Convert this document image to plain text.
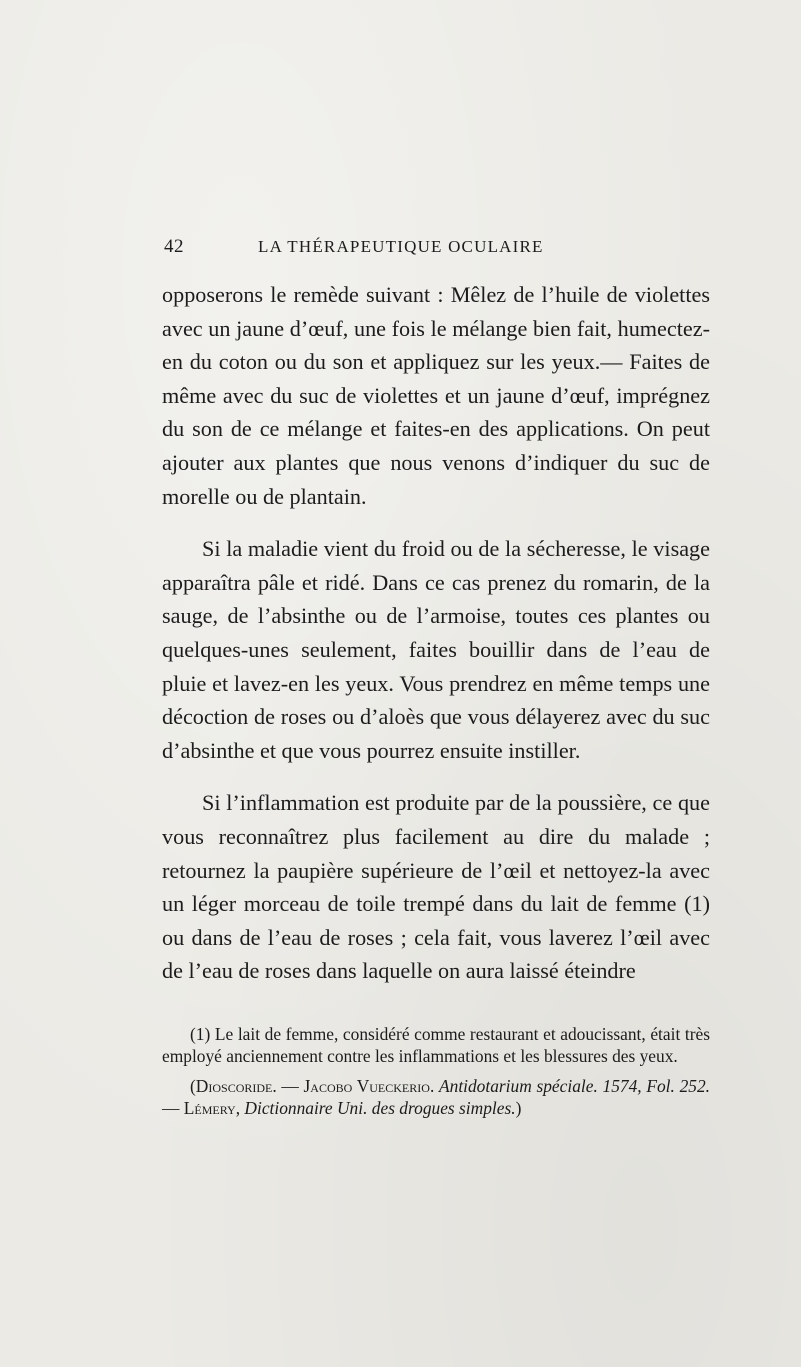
42	LA THÉRAPEUTIQUE OCULAIRE

opposerons le remède suivant : Mêlez de l’huile de violettes avec un jaune d’œuf, une fois le mélange bien fait, humectez-en du coton ou du son et appliquez sur les yeux.— Faites de même avec du suc de violettes et un jaune d’œuf, imprégnez du son de ce mélange et faites-en des applications. On peut ajouter aux plantes que nous venons d’indiquer du suc de morelle ou de plantain.

Si la maladie vient du froid ou de la sécheresse, le visage apparaîtra pâle et ridé. Dans ce cas prenez du romarin, de la sauge, de l’absinthe ou de l’armoise, toutes ces plantes ou quelques-unes seulement, faites bouillir dans de l’eau de pluie et lavez-en les yeux. Vous prendrez en même temps une décoction de roses ou d’aloès que vous délayerez avec du suc d’absinthe et que vous pourrez ensuite instiller.

Si l’inflammation est produite par de la poussière, ce que vous reconnaîtrez plus facilement au dire du malade ; retournez la paupière supérieure de l’œil et nettoyez-la avec un léger morceau de toile trempé dans du lait de femme (1) ou dans de l’eau de roses ; cela fait, vous laverez l’œil avec de l’eau de roses dans laquelle on aura laissé éteindre

(1) Le lait de femme, considéré comme restaurant et adoucissant, était très employé anciennement contre les inflammations et les blessures des yeux.

(Dioscoride. — Jacobo Vueckerio. Antidotarium spéciale. 1574, Fol. 252. — Lémery, Dictionnaire Uni. des drogues simples.)
